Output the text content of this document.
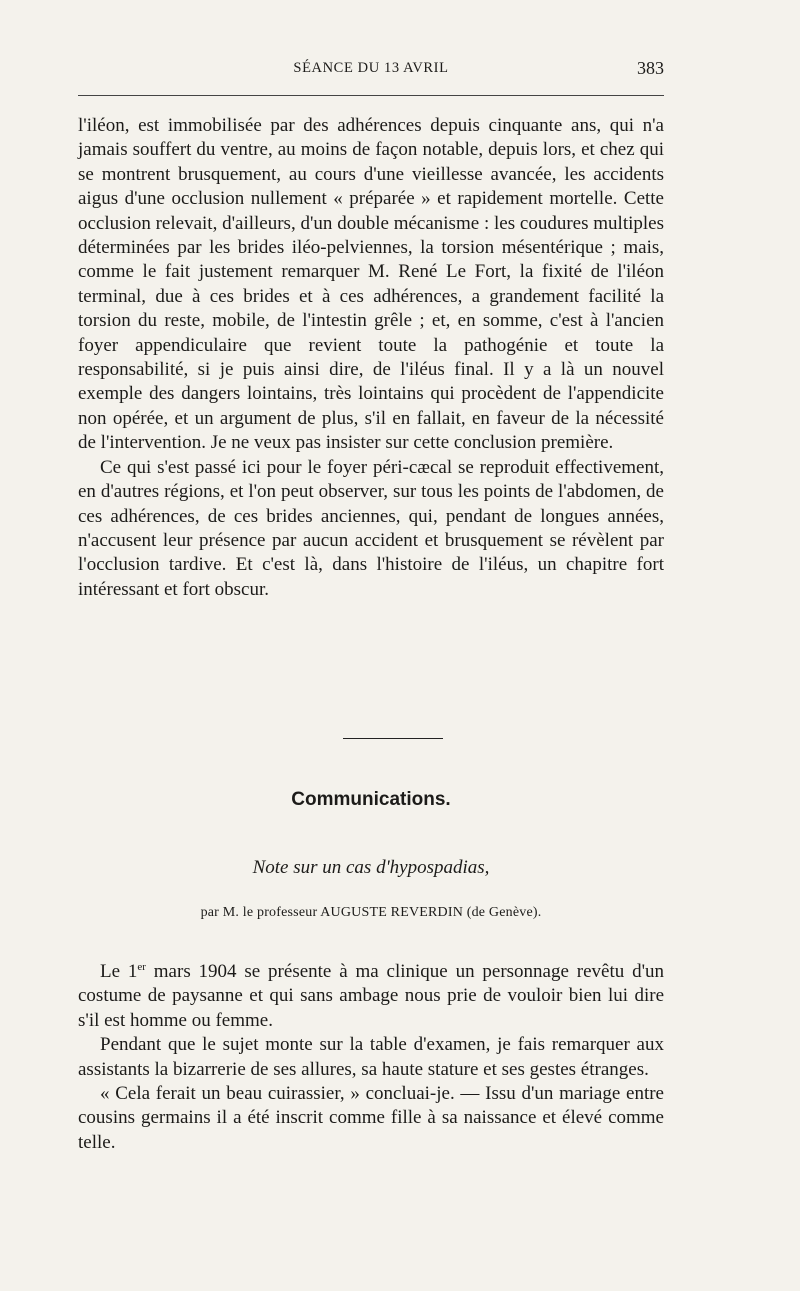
SÉANCE DU 13 AVRIL	383

l'iléon, est immobilisée par des adhérences depuis cinquante ans, qui n'a jamais souffert du ventre, au moins de façon notable, depuis lors, et chez qui se montrent brusquement, au cours d'une vieillesse avancée, les accidents aigus d'une occlusion nullement « préparée » et rapidement mortelle. Cette occlusion relevait, d'ailleurs, d'un double mécanisme : les coudures multiples déterminées par les brides iléo-pelviennes, la torsion mésentérique ; mais, comme le fait justement remarquer M. René Le Fort, la fixité de l'iléon terminal, due à ces brides et à ces adhérences, a grandement facilité la torsion du reste, mobile, de l'intestin grêle ; et, en somme, c'est à l'ancien foyer appendiculaire que revient toute la pathogénie et toute la responsabilité, si je puis ainsi dire, de l'iléus final. Il y a là un nouvel exemple des dangers lointains, très lointains qui procèdent de l'appendicite non opérée, et un argument de plus, s'il en fallait, en faveur de la nécessité de l'intervention. Je ne veux pas insister sur cette conclusion première.

Ce qui s'est passé ici pour le foyer péri-cæcal se reproduit effectivement, en d'autres régions, et l'on peut observer, sur tous les points de l'abdomen, de ces adhérences, de ces brides anciennes, qui, pendant de longues années, n'accusent leur présence par aucun accident et brusquement se révèlent par l'occlusion tardive. Et c'est là, dans l'histoire de l'iléus, un chapitre fort intéressant et fort obscur.

Communications.
Note sur un cas d'hypospadias,
par M. le professeur AUGUSTE REVERDIN (de Genève).

Le 1er mars 1904 se présente à ma clinique un personnage revêtu d'un costume de paysanne et qui sans ambage nous prie de vouloir bien lui dire s'il est homme ou femme.

Pendant que le sujet monte sur la table d'examen, je fais remarquer aux assistants la bizarrerie de ses allures, sa haute stature et ses gestes étranges.

« Cela ferait un beau cuirassier, » concluai-je. — Issu d'un mariage entre cousins germains il a été inscrit comme fille à sa naissance et élevé comme telle.
